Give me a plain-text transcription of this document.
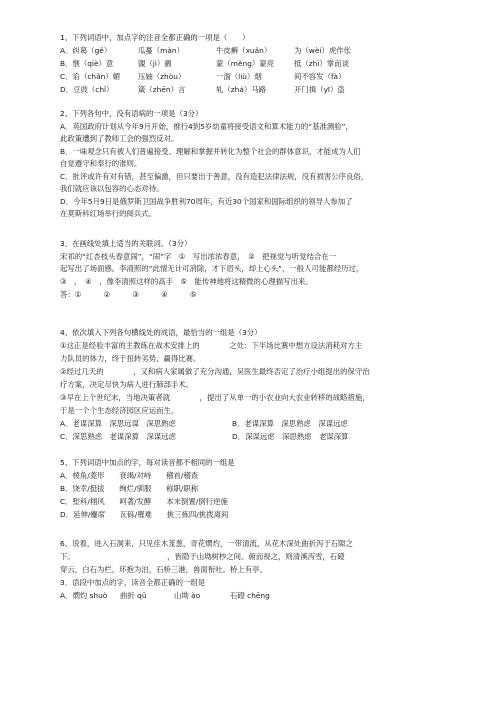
1、下列词语中，加点字的注音全都正确的一项是（　　）
A．纠葛（gě）	瓜蔓（màn）	牛皮癣（xuǎn）	为（wèi）虎作伥
B．惬（qiè）意	覬（jì）觎	蒙（měng）蒙亮	抵（zhì）掌而谈
C．谄（chǎn）媚 压轴（zhòu）	一溜（liù）烟	间不容发（fà）
D．豆豉（chǐ）	箴（zhēn）言	轧（zhá）马路	开门揖（yī）盗
2、下列各句中，没有语病的一项是（3分）
A．英国政府计划从今年9月开始，推行4到5岁幼童将接受语文和算术能力的“基准测验”，
此政策遭到了教师工会的强烈反对。
B．一味观念只有被人们普遍接受、理解和掌握并转化为整个社会的群体意识，才能成为人们
自觉遵守和奉行的准则。
C．批评或许有对有错，甚至偏激，但只要出于善意，没有造犯法律法规，没有损害公序良俗，
我们就应该以包容的心态对待。
D．今年5月9日是俄罗斯卫国战争胜利70周年，有近30个国家和国际组织的领导人参加了
在莫斯科红场举行的阅兵式。
3、在画线处填上适当的关联词。（3分）
宋祁的“红杏枝头春意闹”，“闹”字　①　写出浓浓春意，　②　把视觉与听觉结合在一
起写出了场面感。李清照的“此情无计可消除，才下眉头，却上心头”，一般人可能都经历过，
③　，　④　，像李清照这样的高手　⑤　能传神地将这精微的心理描写出来。
答：①　　　②　　　③　　　④　　　⑤
4、依次填入下列各句横线处的成语，最恰当的一组是（3分）
①这正是经验丰富的主教练在战术安排上的　　　　之处：下半场比赛中想方设法消耗对方主
力队员的体力，终于扭转劣势，赢得比赛。
②经过几天的　　　　，又和病人家属做了充分沟通，吴医生最终否定了治疗小组提出的保守治
疗方案，决定尽快为病人进行肺部手术。
③早在上个世纪末，当地决策者就　　　　，提出了从单一的小农业向大农业转移的战略措施，
于是一个个生态经济园区应运而生。
A．老谋深算　深思远谋　深思熟虑	B．老谋深算　深思熟虑　深谋远虑
C．深思熟虑　老谋深算　深谋远虑	D．深谋远虑　深思熟虑　老谋深算
5、下列词语中加点的字，每对读音都不相同的一组是
A．棱角/菱形　　衰竭/对峙　　稽首/稽查
B．饶幸/挺拔　　绚烂/驯服　　称职/职称
C．堑科/栩风　　呵著/发酵　　本末倒置/倒行逆施
D．延伸/鏖席　　瓦砾/罹难　　挑三拣四/挑拨离间
6、说着，进入石洞来，只见佳木茏葱，奇花熌灼，一带清流，从花木深处曲折泻于石隙之
下。　　　　　　　　　　　　　，皆隐于山坳树杪之间。俯而视之，则清溪泻雪，石磴
穿云，白石为栏，环抱为泊，石桥三港，兽面衔吐。桥上有亭。
3．语段中加点的字，读音全都正确的一组是
A．熌灼 shuò 曲折 qǔ	山坳 ào	石磴 chēng
